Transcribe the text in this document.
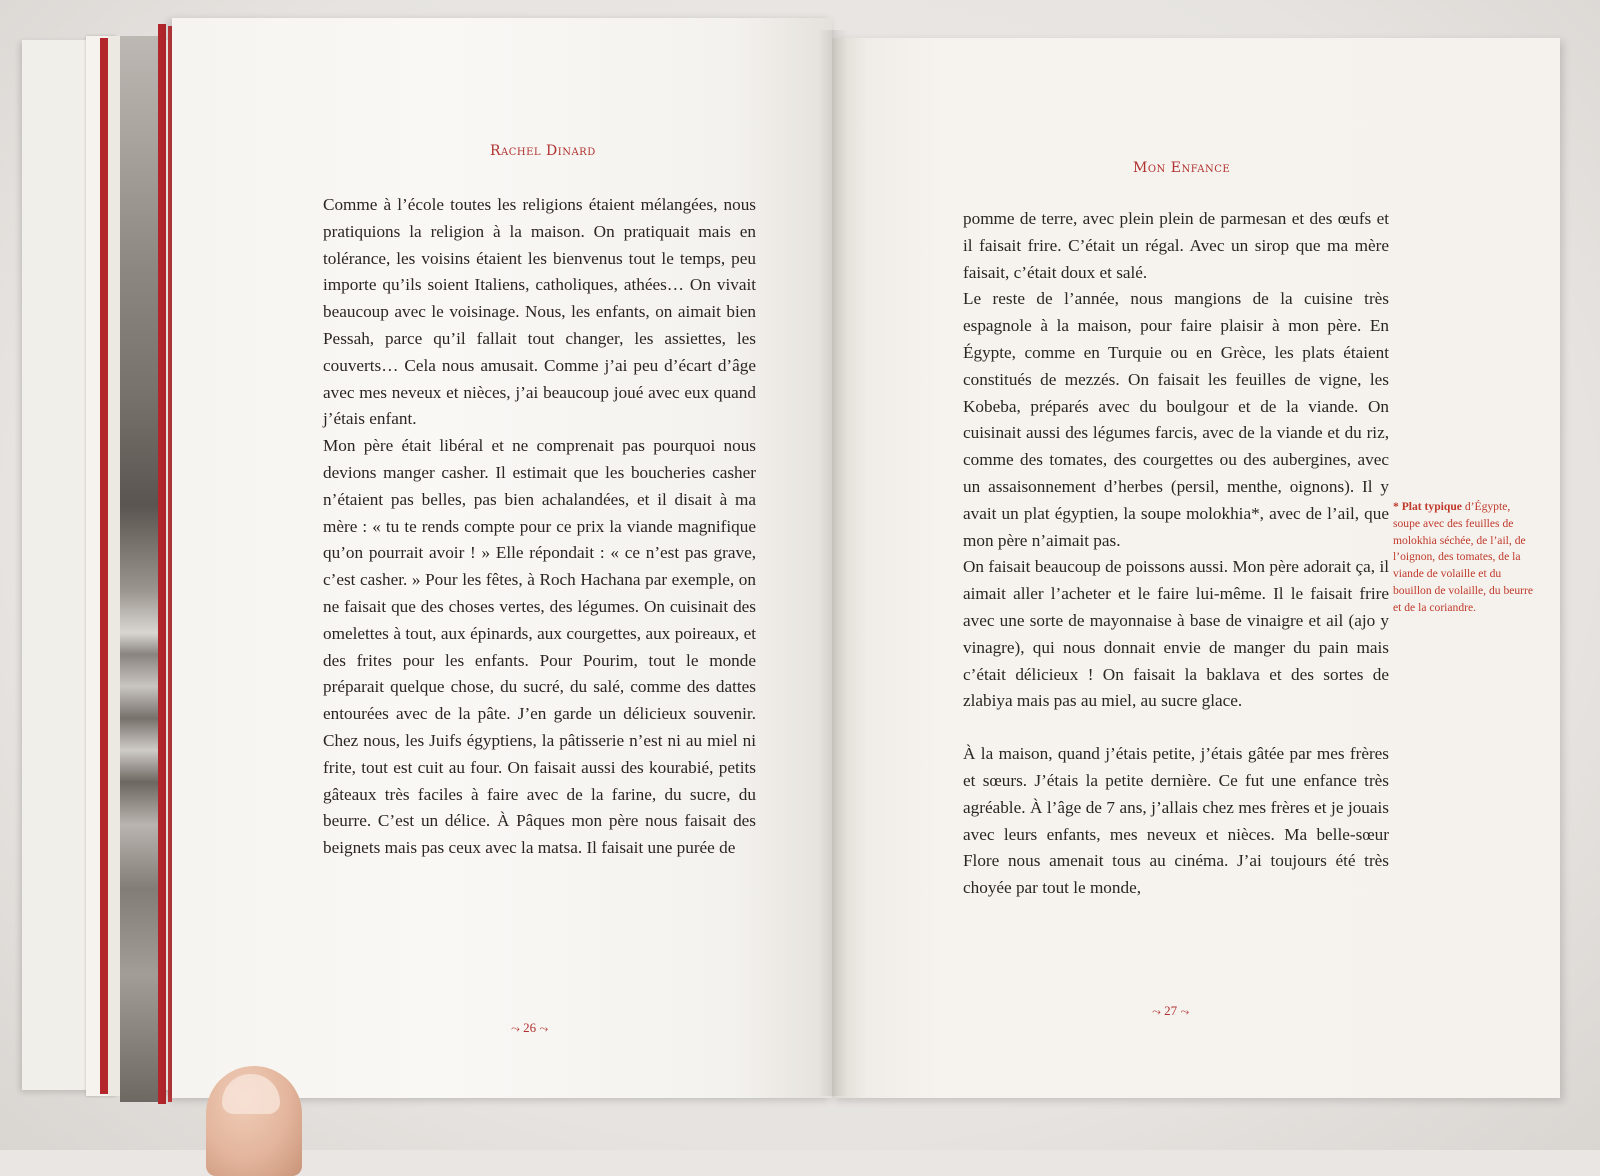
Rachel Dinard

Comme à l’école toutes les religions étaient mélangées, nous pratiquions la religion à la maison. On pratiquait mais en tolérance, les voisins étaient les bienvenus tout le temps, peu importe qu’ils soient Italiens, catholiques, athées… On vivait beaucoup avec le voisinage. Nous, les enfants, on aimait bien Pessah, parce qu’il fallait tout changer, les assiettes, les couverts… Cela nous amusait. Comme j’ai peu d’écart d’âge avec mes neveux et nièces, j’ai beaucoup joué avec eux quand j’étais enfant.

Mon père était libéral et ne comprenait pas pourquoi nous devions manger casher. Il estimait que les boucheries casher n’étaient pas belles, pas bien achalandées, et il disait à ma mère : « tu te rends compte pour ce prix la viande magnifique qu’on pourrait avoir ! » Elle répondait : « ce n’est pas grave, c’est casher. » Pour les fêtes, à Roch Hachana par exemple, on ne faisait que des choses vertes, des légumes. On cuisinait des omelettes à tout, aux épinards, aux courgettes, aux poireaux, et des frites pour les enfants. Pour Pourim, tout le monde préparait quelque chose, du sucré, du salé, comme des dattes entourées avec de la pâte. J’en garde un délicieux souvenir. Chez nous, les Juifs égyptiens, la pâtisserie n’est ni au miel ni frite, tout est cuit au four. On faisait aussi des kourabié, petits gâteaux très faciles à faire avec de la farine, du sucre, du beurre. C’est un délice. À Pâques mon père nous faisait des beignets mais pas ceux avec la matsa. Il faisait une purée de

⤳ 26 ⤳
Mon Enfance

pomme de terre, avec plein plein de parmesan et des œufs et il faisait frire. C’était un régal. Avec un sirop que ma mère faisait, c’était doux et salé.

Le reste de l’année, nous mangions de la cuisine très espagnole à la maison, pour faire plaisir à mon père. En Égypte, comme en Turquie ou en Grèce, les plats étaient constitués de mezzés. On faisait les feuilles de vigne, les Kobeba, préparés avec du boulgour et de la viande. On cuisinait aussi des légumes farcis, avec de la viande et du riz, comme des tomates, des courgettes ou des aubergines, avec un assaisonnement d’herbes (persil, menthe, oignons). Il y avait un plat égyptien, la soupe molokhia*, avec de l’ail, que mon père n’aimait pas.

On faisait beaucoup de poissons aussi. Mon père adorait ça, il aimait aller l’acheter et le faire lui-même. Il le faisait frire avec une sorte de mayonnaise à base de vinaigre et ail (ajo y vinagre), qui nous donnait envie de manger du pain mais c’était délicieux ! On faisait la baklava et des sortes de zlabiya mais pas au miel, au sucre glace.

À la maison, quand j’étais petite, j’étais gâtée par mes frères et sœurs. J’étais la petite dernière. Ce fut une enfance très agréable. À l’âge de 7 ans, j’allais chez mes frères et je jouais avec leurs enfants, mes neveux et nièces. Ma belle-sœur Flore nous amenait tous au cinéma. J’ai toujours été très choyée par tout le monde,

* Plat typique d’Égypte, soupe avec des feuilles de molokhia séchée, de l’ail, de l’oignon, des tomates, de la viande de volaille et du bouillon de volaille, du beurre et de la coriandre.
⤳ 27 ⤳
